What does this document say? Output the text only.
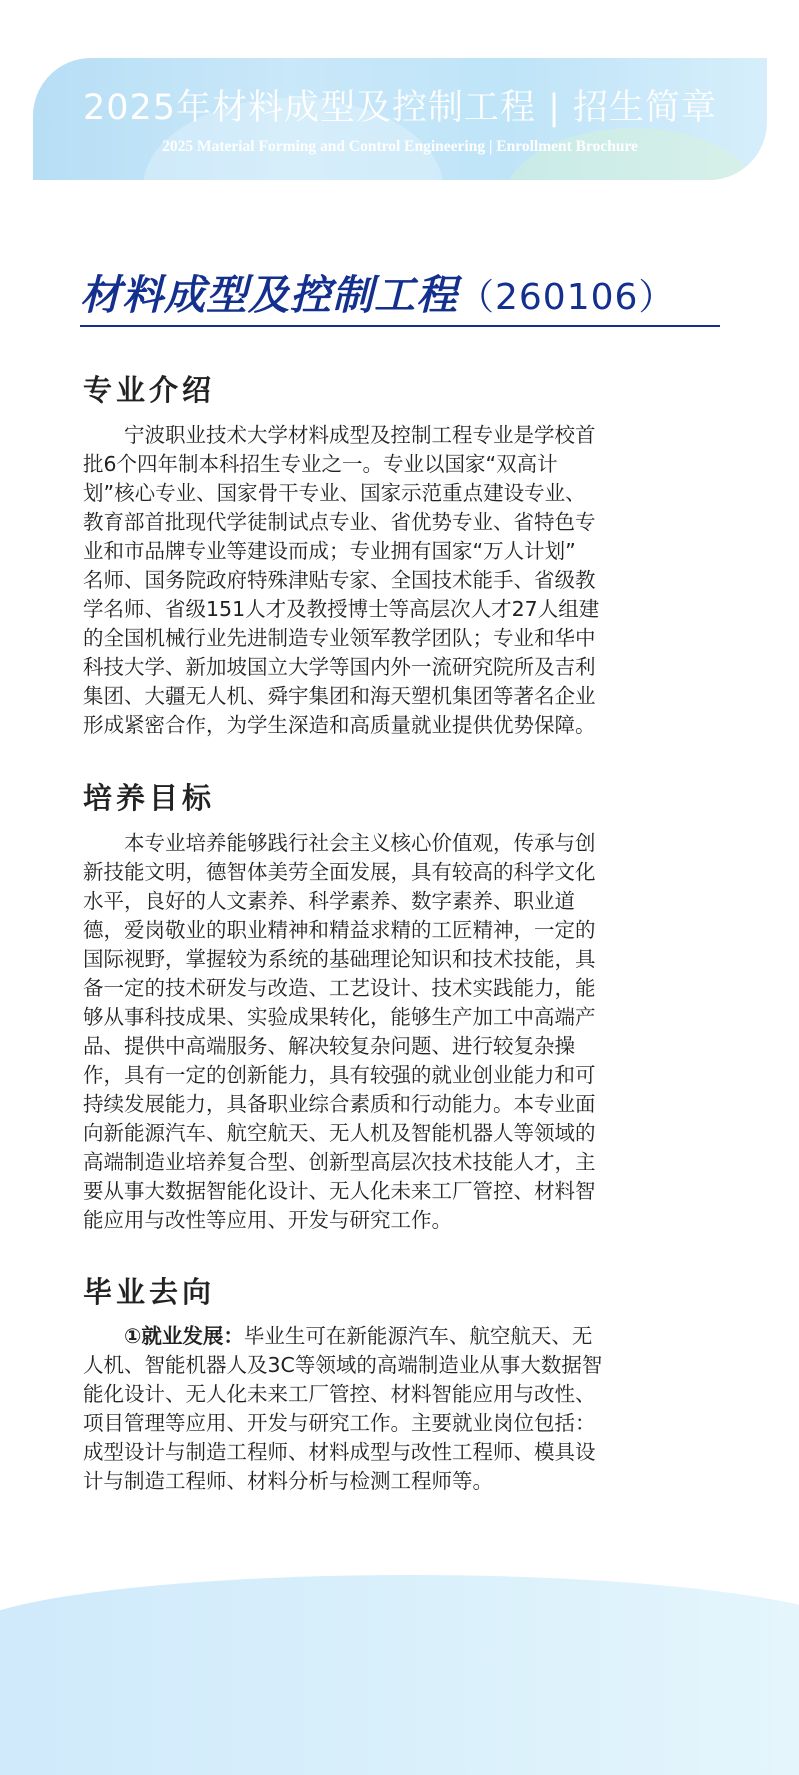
2025年材料成型及控制工程 | 招生简章
2025 Material Forming and Control Engineering | Enrollment Brochure
材料成型及控制工程（260106）
专业介绍
　　宁波职业技术大学材料成型及控制工程专业是学校首
批6个四年制本科招生专业之一。专业以国家“双高计
划”核心专业、国家骨干专业、国家示范重点建设专业、
教育部首批现代学徒制试点专业、省优势专业、省特色专
业和市品牌专业等建设而成；专业拥有国家“万人计划”
名师、国务院政府特殊津贴专家、全国技术能手、省级教
学名师、省级151人才及教授博士等高层次人才27人组建
的全国机械行业先进制造专业领军教学团队；专业和华中
科技大学、新加坡国立大学等国内外一流研究院所及吉利
集团、大疆无人机、舜宇集团和海天塑机集团等著名企业
形成紧密合作，为学生深造和高质量就业提供优势保障。
培养目标
　　本专业培养能够践行社会主义核心价值观，传承与创
新技能文明，德智体美劳全面发展，具有较高的科学文化
水平，良好的人文素养、科学素养、数字素养、职业道
德，爱岗敬业的职业精神和精益求精的工匠精神，一定的
国际视野，掌握较为系统的基础理论知识和技术技能，具
备一定的技术研发与改造、工艺设计、技术实践能力，能
够从事科技成果、实验成果转化，能够生产加工中高端产
品、提供中高端服务、解决较复杂问题、进行较复杂操
作，具有一定的创新能力，具有较强的就业创业能力和可
持续发展能力，具备职业综合素质和行动能力。本专业面
向新能源汽车、航空航天、无人机及智能机器人等领域的
高端制造业培养复合型、创新型高层次技术技能人才，主
要从事大数据智能化设计、无人化未来工厂管控、材料智
能应用与改性等应用、开发与研究工作。
毕业去向
　　①就业发展：毕业生可在新能源汽车、航空航天、无
人机、智能机器人及3C等领域的高端制造业从事大数据智
能化设计、无人化未来工厂管控、材料智能应用与改性、
项目管理等应用、开发与研究工作。主要就业岗位包括：
成型设计与制造工程师、材料成型与改性工程师、模具设
计与制造工程师、材料分析与检测工程师等。
